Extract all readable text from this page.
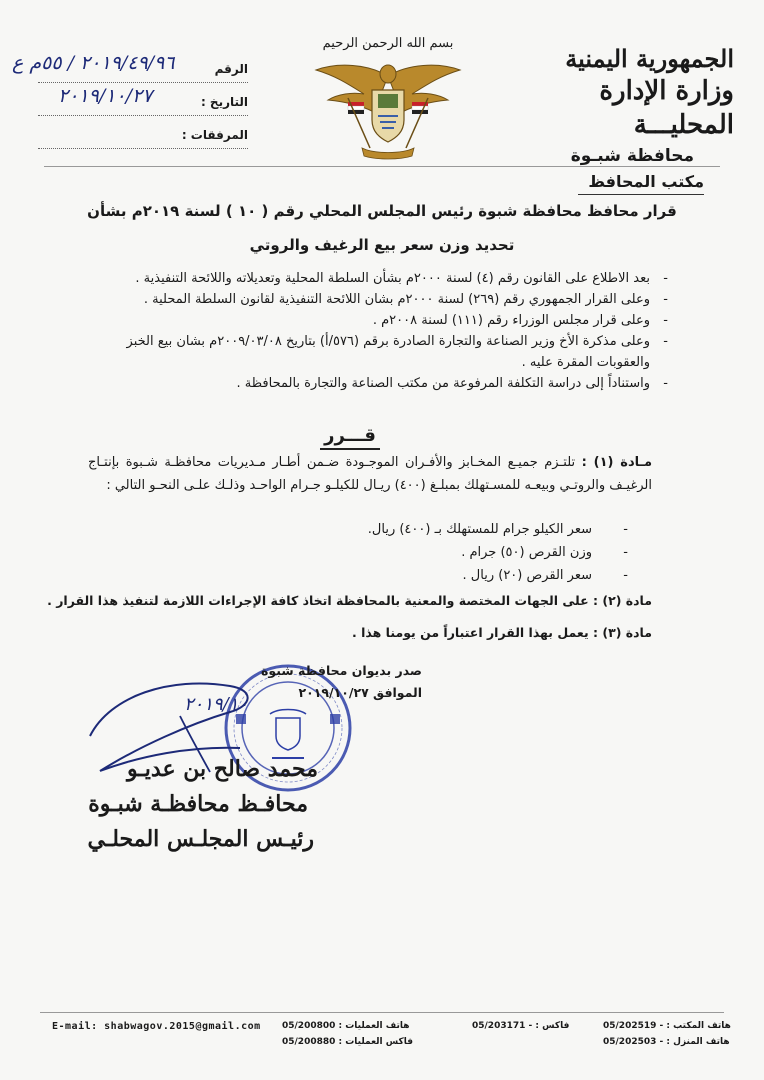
الجمهورية اليمنية
وزارة الإدارة المحليـــة
محافظة شبـوة
مكتب المحافظ
بسم الله الرحمن الرحيم
الرقم
٢٠١٩/٤٩/٩٦ / ٥٥م ع
التاريخ :
٢٠١٩/١٠/٢٧
المرفقات :
قرار محافظ محافظة شبوة رئيس المجلس المحلي رقم ( ١٠ ) لسنة ٢٠١٩م بشأن
تحديد وزن سعر بيع الرغيف والروتي
- بعد الاطلاع على القانون رقم (٤) لسنة ٢٠٠٠م بشأن السلطة المحلية وتعديلاته واللائحة التنفيذية .
- وعلى القرار الجمهوري رقم (٢٦٩) لسنة ٢٠٠٠م بشان اللائحة التنفيذية لقانون السلطة المحلية .
- وعلى قرار مجلس الوزراء رقم (١١١) لسنة ٢٠٠٨م .
- وعلى مذكرة الأخ وزير الصناعة والتجارة الصادرة برقم (٥٧٦/أ) بتاريخ ٢٠٠٩/٠٣/٠٨م بشان بيع الخبز والعقوبات المقرة عليه .
- واستناداً إلى دراسة التكلفة المرفوعة من مكتب الصناعة والتجارة بالمحافظة .
قـــرر
مـادة (١) : تلتـزم جميـع المخـابز والأفـران الموجـودة ضـمن أطـار مـديريات محافظـة شـبوة بإنتـاج الرغيـف والروتـي وبيعـه للمسـتهلك بمبلـغ (٤٠٠) ريـال للكيلـو جـرام الواحـد وذلـك علـى النحـو التالي :
- سعر الكيلو جرام للمستهلك بـ (٤٠٠) ريال.
- وزن القرص (٥٠) جرام .
- سعر القرص (٢٠) ريال .
مادة (٢) : على الجهات المختصة والمعنية بالمحافظة اتخاذ كافة الإجراءات اللازمة لتنفيذ هذا القرار .
مادة (٣) : يعمل بهذا القرار اعتباراً من يومنا هذا .
صدر بديوان محافظة شبوة
الموافق ٢٠١٩/١٠/٢٧
٢٠١٩/١٠
محمد صالح بن عديـو
محافـظ محافظـة شبـوة
رئيـس المجلـس المحلـي
E-mail: shabwagov.2015@gmail.com	هاتف العمليات : 05/200800
فاكس العمليات : 05/200880
فاكس : 05/203171 -	هاتف المكتب : 05/202519 -
هاتف المنزل : 05/202503 -
